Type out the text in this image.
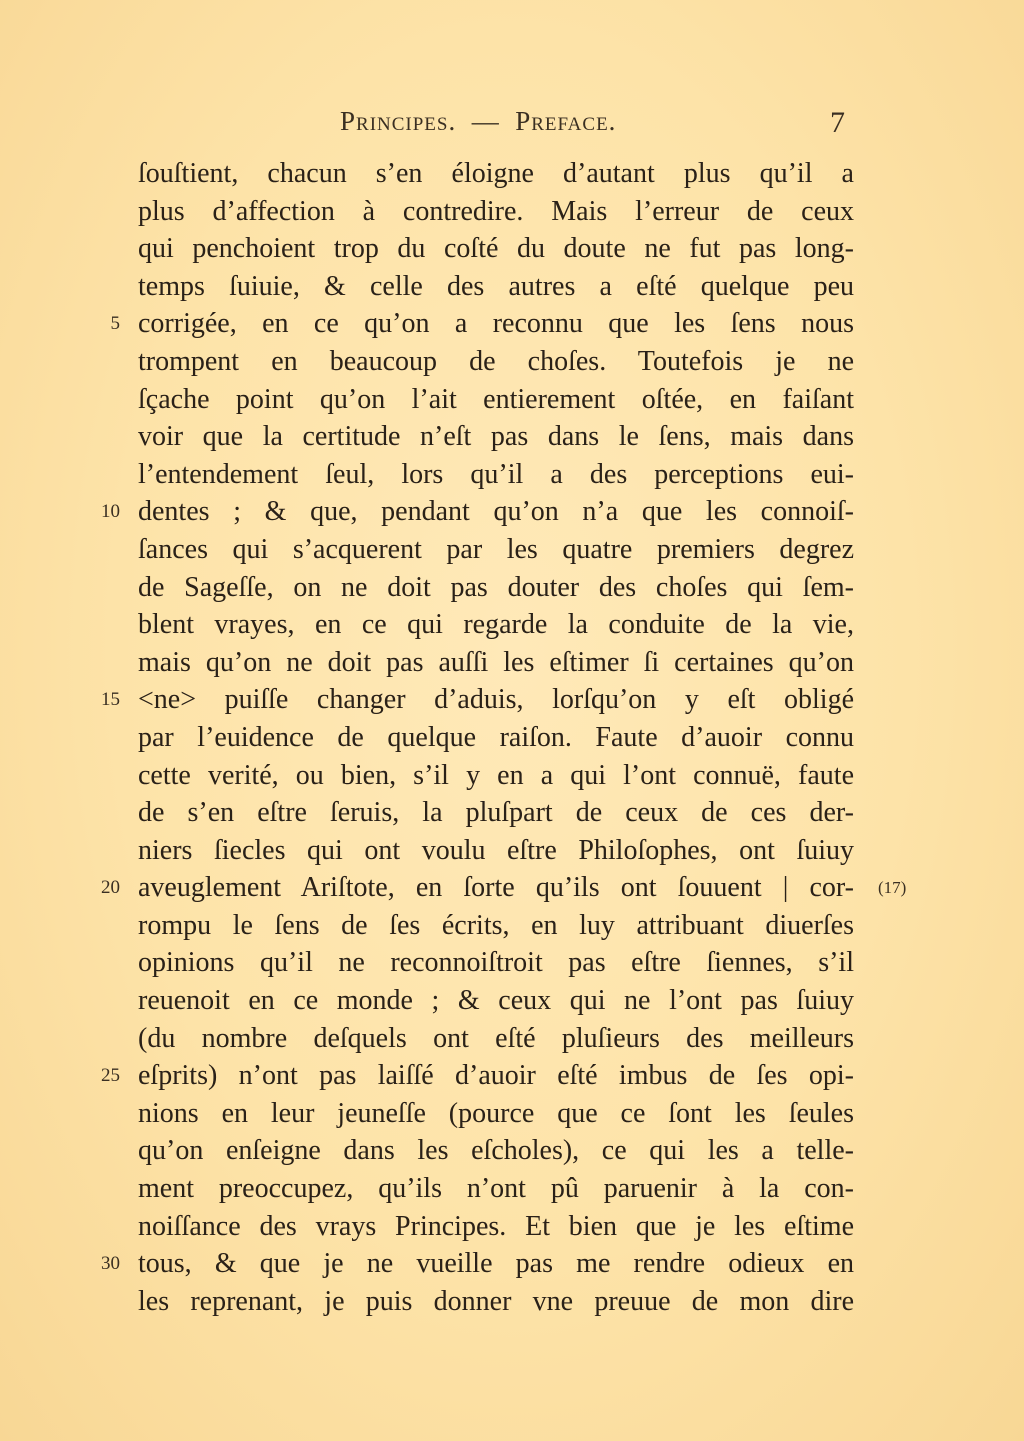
Principes.  —  Preface.	7
ſouſtient, chacun s’en éloigne d’autant plus qu’il a
plus d’affection à contredire. Mais l’erreur de ceux
qui penchoient trop du coſté du doute ne fut pas long-
temps ſuiuie, & celle des autres a eſté quelque peu
5 corrigée, en ce qu’on a reconnu que les ſens nous
trompent en beaucoup de choſes. Toutefois je ne
ſçache point qu’on l’ait entierement oſtée, en faiſant
voir que la certitude n’eſt pas dans le ſens, mais dans
l’entendement ſeul, lors qu’il a des perceptions eui-
10 dentes ; & que, pendant qu’on n’a que les connoiſ-
ſances qui s’acquerent par les quatre premiers degrez
de Sageſſe, on ne doit pas douter des choſes qui ſem-
blent vrayes, en ce qui regarde la conduite de la vie,
mais qu’on ne doit pas auſſi les eſtimer ſi certaines qu’on
15 <ne> puiſſe changer d’aduis, lorſqu’on y eſt obligé
par l’euidence de quelque raiſon. Faute d’auoir connu
cette verité, ou bien, s’il y en a qui l’ont connuë, faute
de s’en eſtre ſeruis, la pluſpart de ceux de ces der-
niers ſiecles qui ont voulu eſtre Philoſophes, ont ſuiuy
20 aveuglement Ariſtote, en ſorte qu’ils ont ſouuent | cor- (17)
rompu le ſens de ſes écrits, en luy attribuant diuerſes
opinions qu’il ne reconnoiſtroit pas eſtre ſiennes, s’il
reuenoit en ce monde ; & ceux qui ne l’ont pas ſuiuy
(du nombre deſquels ont eſté pluſieurs des meilleurs
25 eſprits) n’ont pas laiſſé d’auoir eſté imbus de ſes opi-
nions en leur jeuneſſe (pource que ce ſont les ſeules
qu’on enſeigne dans les eſcholes), ce qui les a telle-
ment preoccupez, qu’ils n’ont pû paruenir à la con-
noiſſance des vrays Principes. Et bien que je les eſtime
30 tous, & que je ne vueille pas me rendre odieux en
les reprenant, je puis donner vne preuue de mon dire
